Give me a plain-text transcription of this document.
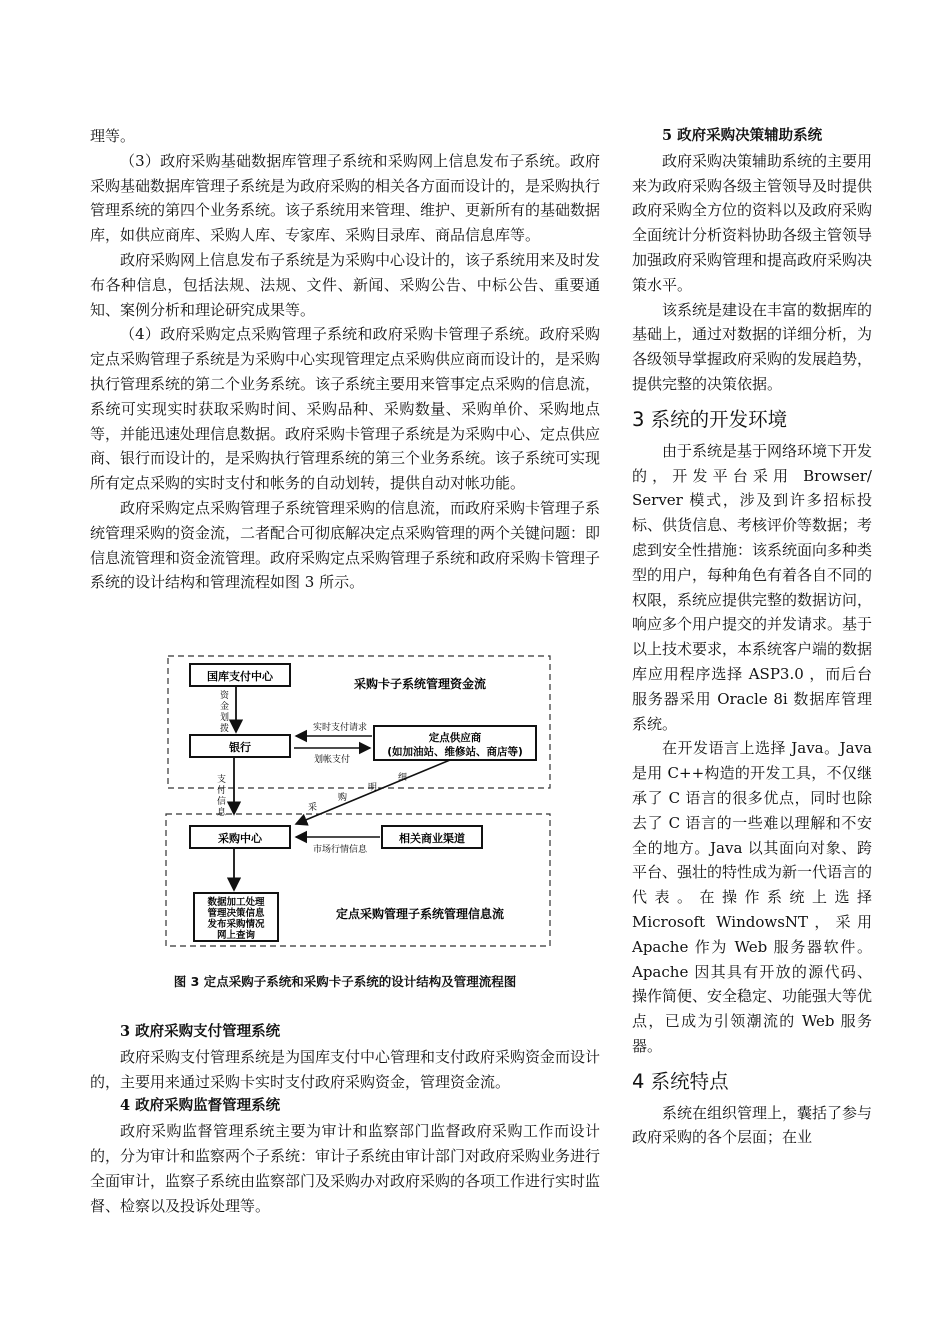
理等。

（3）政府采购基础数据库管理子系统和采购网上信息发布子系统。政府采购基础数据库管理子系统是为政府采购的相关各方面而设计的，是采购执行管理系统的第四个业务系统。该子系统用来管理、维护、更新所有的基础数据库，如供应商库、采购人库、专家库、采购目录库、商品信息库等。

政府采购网上信息发布子系统是为采购中心设计的，该子系统用来及时发布各种信息，包括法规、法规、文件、新闻、采购公告、中标公告、重要通知、案例分析和理论研究成果等。

（4）政府采购定点采购管理子系统和政府采购卡管理子系统。政府采购定点采购管理子系统是为采购中心实现管理定点采购供应商而设计的，是采购执行管理系统的第二个业务系统。该子系统主要用来管事定点采购的信息流，系统可实现实时获取采购时间、采购品种、采购数量、采购单价、采购地点等，并能迅速处理信息数据。政府采购卡管理子系统是为采购中心、定点供应商、银行而设计的，是采购执行管理系统的第三个业务系统。该子系统可实现所有定点采购的实时支付和帐务的自动划转，提供自动对帐功能。

政府采购定点采购管理子系统管理采购的信息流，而政府采购卡管理子系统管理采购的资金流，二者配合可彻底解决定点采购管理的两个关键问题：即信息流管理和资金流管理。政府采购定点采购管理子系统和政府采购卡管理子系统的设计结构和管理流程如图 3 所示。

国库支付中心
采购卡子系统管理资金流
资
金
划
拨
银行
实时支付请求
划帐支付
定点供应商
(如加油站、维修站、商店等)
支
付
信
息	采
购
明
细
采购中心	相关商业渠道
市场行情信息
数据加工处理
管理决策信息
发布采购情况
网上查询
定点采购管理子系统管理信息流
图 3 定点采购子系统和采购卡子系统的设计结构及管理流程图

3 政府采购支付管理系统

政府采购支付管理系统是为国库支付中心管理和支付政府采购资金而设计的，主要用来通过采购卡实时支付政府采购资金，管理资金流。

4 政府采购监督管理系统

政府采购监督管理系统主要为审计和监察部门监督政府采购工作而设计的，分为审计和监察两个子系统：审计子系统由审计部门对政府采购业务进行全面审计，监察子系统由监察部门及采购办对政府采购的各项工作进行实时监督、检察以及投诉处理等。

5 政府采购决策辅助系统

政府采购决策辅助系统的主要用来为政府采购各级主管领导及时提供政府采购全方位的资料以及政府采购全面统计分析资料协助各级主管领导加强政府采购管理和提高政府采购决策水平。

该系统是建设在丰富的数据库的基础上，通过对数据的详细分析，为各级领导掌握政府采购的发展趋势，提供完整的决策依据。

3 系统的开发环境

由于系统是基于网络环境下开发的，开发平台采用 Browser/ Server 模式，涉及到许多招标投标、供货信息、考核评价等数据；考虑到安全性措施：该系统面向多种类型的用户，每种角色有着各自不同的权限，系统应提供完整的数据访问，响应多个用户提交的并发请求。基于以上技术要求，本系统客户端的数据库应用程序选择 ASP3.0 ，而后台服务器采用 Oracle 8i 数据库管理系统。

在开发语言上选择 Java。Java 是用 C++构造的开发工具，不仅继承了 C 语言的很多优点，同时也除去了 C 语言的一些难以理解和不安全的地方。Java 以其面向对象、跨平台、强壮的特性成为新一代语言的代表。在操作系统上选择 Microsoft WindowsNT，采用 Apache 作为 Web 服务器软件。Apache 因其具有开放的源代码、操作简便、安全稳定、功能强大等优点，已成为引领潮流的 Web 服务器。

4 系统特点

系统在组织管理上，囊括了参与政府采购的各个层面；在业
